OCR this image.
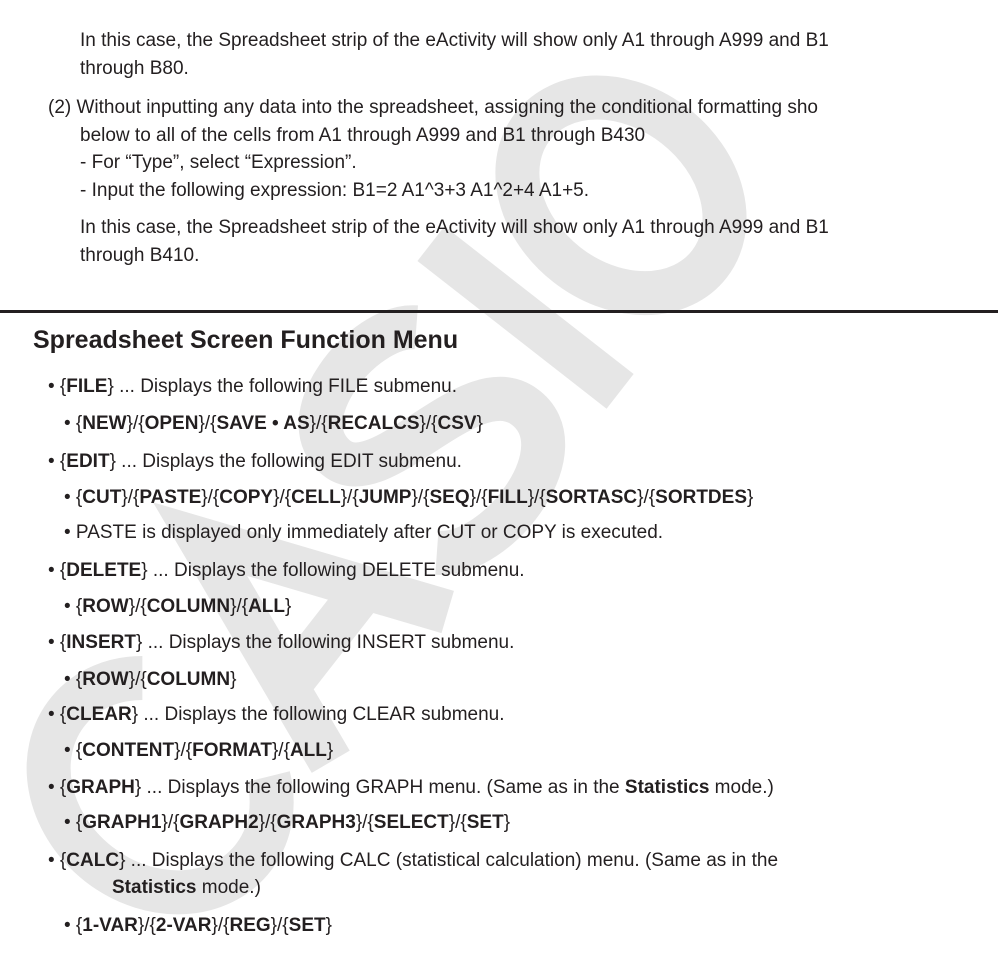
In this case, the Spreadsheet strip of the eActivity will show only A1 through A999 and B1
through B80.
(2) Without inputting any data into the spreadsheet, assigning the conditional formatting sho
below to all of the cells from A1 through A999 and B1 through B430
- For “Type”, select “Expression”.
- Input the following expression: B1=2 A1^3+3 A1^2+4 A1+5.
In this case, the Spreadsheet strip of the eActivity will show only A1 through A999 and B1
through B410.
Spreadsheet Screen Function Menu
• {FILE} ... Displays the following FILE submenu.
• {NEW}/{OPEN}/{SAVE • AS}/{RECALCS}/{CSV}
• {EDIT} ... Displays the following EDIT submenu.
• {CUT}/{PASTE}/{COPY}/{CELL}/{JUMP}/{SEQ}/{FILL}/{SORTASC}/{SORTDES}
• PASTE is displayed only immediately after CUT or COPY is executed.
• {DELETE} ... Displays the following DELETE submenu.
• {ROW}/{COLUMN}/{ALL}
• {INSERT} ... Displays the following INSERT submenu.
• {ROW}/{COLUMN}
• {CLEAR} ... Displays the following CLEAR submenu.
• {CONTENT}/{FORMAT}/{ALL}
• {GRAPH} ... Displays the following GRAPH menu. (Same as in the Statistics mode.)
• {GRAPH1}/{GRAPH2}/{GRAPH3}/{SELECT}/{SET}
• {CALC} ... Displays the following CALC (statistical calculation) menu. (Same as in the
Statistics mode.)
• {1-VAR}/{2-VAR}/{REG}/{SET}
